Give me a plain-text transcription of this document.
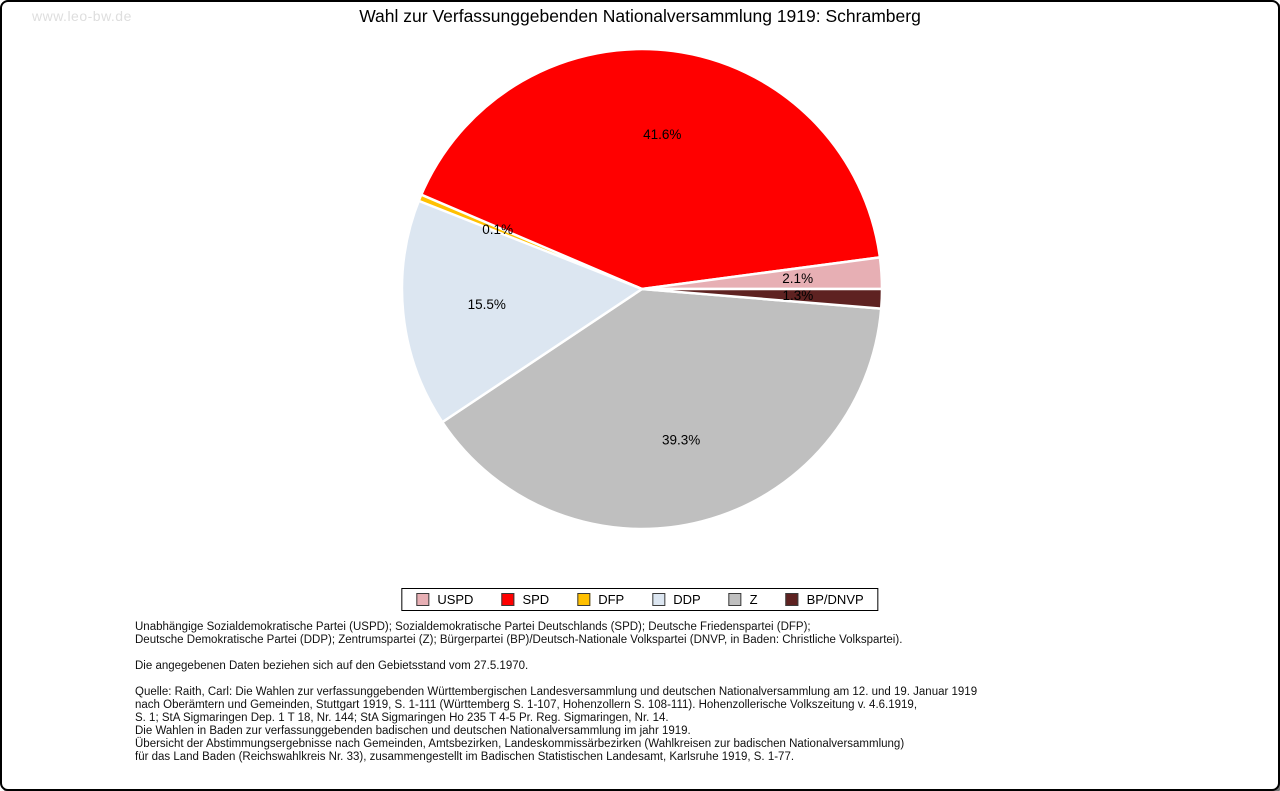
www.leo-bw.de	Wahl zur Verfassunggebenden Nationalversammlung 1919: Schramberg
2.1%
41.6%
0.1%
15.5%
39.3%
1.3%
USPD	SPD	DFP	DDP	Z	BP/DNVP
Unabhängige Sozialdemokratische Partei (USPD); Sozialdemokratische Partei Deutschlands (SPD); Deutsche Friedenspartei (DFP);
Deutsche Demokratische Partei (DDP); Zentrumspartei (Z); Bürgerpartei (BP)/Deutsch-Nationale Volkspartei (DNVP, in Baden: Christliche Volkspartei).
Die angegebenen Daten beziehen sich auf den Gebietsstand vom 27.5.1970.
Quelle: Raith, Carl: Die Wahlen zur verfassunggebenden Württembergischen Landesversammlung und deutschen Nationalversammlung am 12. und 19. Januar 1919
nach Oberämtern und Gemeinden, Stuttgart 1919, S. 1-111 (Württemberg S. 1-107, Hohenzollern S. 108-111). Hohenzollerische Volkszeitung v. 4.6.1919,
S. 1; StA Sigmaringen Dep. 1 T 18, Nr. 144; StA Sigmaringen Ho 235 T 4-5 Pr. Reg. Sigmaringen, Nr. 14.
Die Wahlen in Baden zur verfassunggebenden badischen und deutschen Nationalversammlung im jahr 1919.
Übersicht der Abstimmungsergebnisse nach Gemeinden, Amtsbezirken, Landeskommissärbezirken (Wahlkreisen zur badischen Nationalversammlung)
für das Land Baden (Reichswahlkreis Nr. 33), zusammengestellt im Badischen Statistischen Landesamt, Karlsruhe 1919, S. 1-77.
